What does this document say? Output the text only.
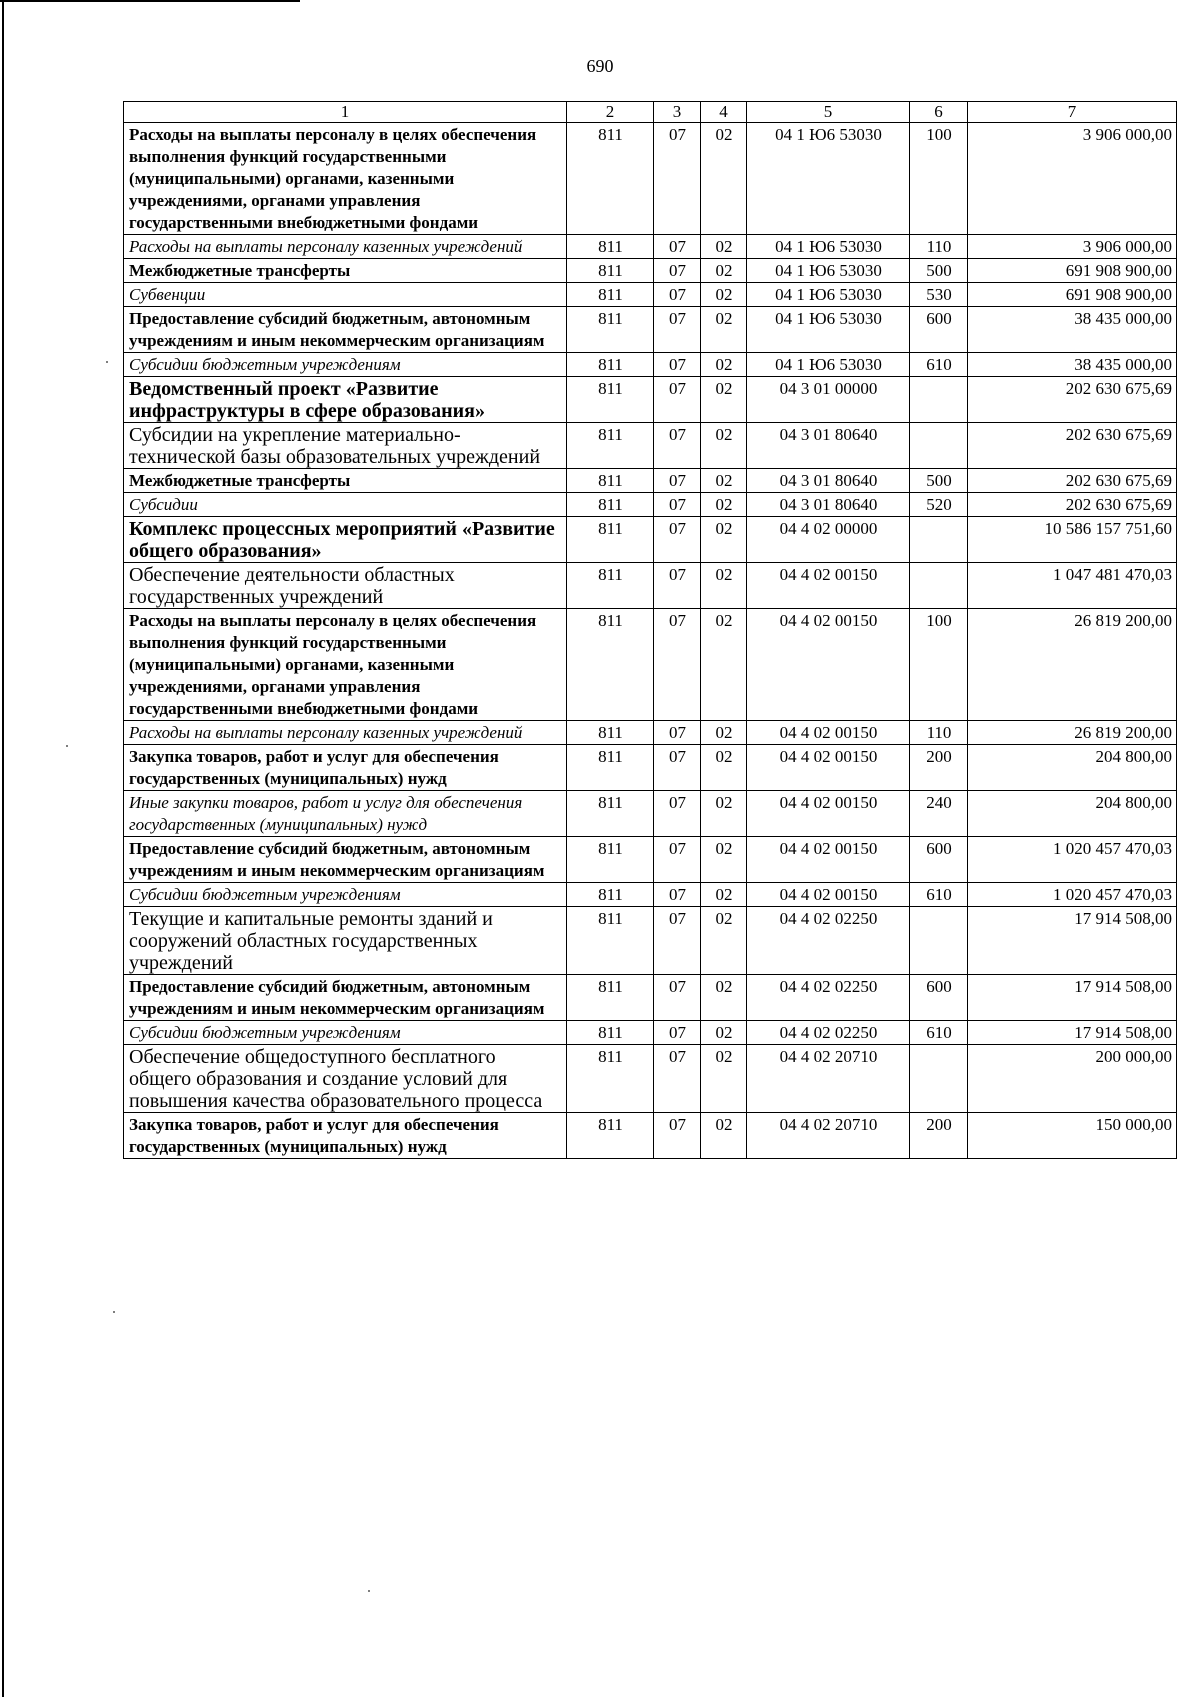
690
1	2	3	4	5	6	7
Расходы на выплаты персоналу в целях обеспечения выполнения функций государственными (муниципальными) органами, казенными учреждениями, органами управления государственными внебюджетными фондами	811	07	02	04 1 Ю6 53030	100	3 906 000,00
Расходы на выплаты персоналу казенных учреждений	811	07	02	04 1 Ю6 53030	110	3 906 000,00
Межбюджетные трансферты	811	07	02	04 1 Ю6 53030	500	691 908 900,00
Субвенции	811	07	02	04 1 Ю6 53030	530	691 908 900,00
Предоставление субсидий бюджетным, автономным учреждениям и иным некоммерческим организациям	811	07	02	04 1 Ю6 53030	600	38 435 000,00
Субсидии бюджетным учреждениям	811	07	02	04 1 Ю6 53030	610	38 435 000,00
Ведомственный проект «Развитие инфраструктуры в сфере образования»	811	07	02	04 3 01 00000		202 630 675,69
Субсидии на укрепление материально-технической базы образовательных учреждений	811	07	02	04 3 01 80640		202 630 675,69
Межбюджетные трансферты	811	07	02	04 3 01 80640	500	202 630 675,69
Субсидии	811	07	02	04 3 01 80640	520	202 630 675,69
Комплекс процессных мероприятий «Развитие общего образования»	811	07	02	04 4 02 00000		10 586 157 751,60
Обеспечение деятельности областных государственных учреждений	811	07	02	04 4 02 00150		1 047 481 470,03
Расходы на выплаты персоналу в целях обеспечения выполнения функций государственными (муниципальными) органами, казенными учреждениями, органами управления государственными внебюджетными фондами	811	07	02	04 4 02 00150	100	26 819 200,00
Расходы на выплаты персоналу казенных учреждений	811	07	02	04 4 02 00150	110	26 819 200,00
Закупка товаров, работ и услуг для обеспечения государственных (муниципальных) нужд	811	07	02	04 4 02 00150	200	204 800,00
Иные закупки товаров, работ и услуг для обеспечения государственных (муниципальных) нужд	811	07	02	04 4 02 00150	240	204 800,00
Предоставление субсидий бюджетным, автономным учреждениям и иным некоммерческим организациям	811	07	02	04 4 02 00150	600	1 020 457 470,03
Субсидии бюджетным учреждениям	811	07	02	04 4 02 00150	610	1 020 457 470,03
Текущие и капитальные ремонты зданий и сооружений областных государственных учреждений	811	07	02	04 4 02 02250		17 914 508,00
Предоставление субсидий бюджетным, автономным учреждениям и иным некоммерческим организациям	811	07	02	04 4 02 02250	600	17 914 508,00
Субсидии бюджетным учреждениям	811	07	02	04 4 02 02250	610	17 914 508,00
Обеспечение общедоступного бесплатного общего образования и создание условий для повышения качества образовательного процесса	811	07	02	04 4 02 20710		200 000,00
Закупка товаров, работ и услуг для обеспечения государственных (муниципальных) нужд	811	07	02	04 4 02 20710	200	150 000,00
